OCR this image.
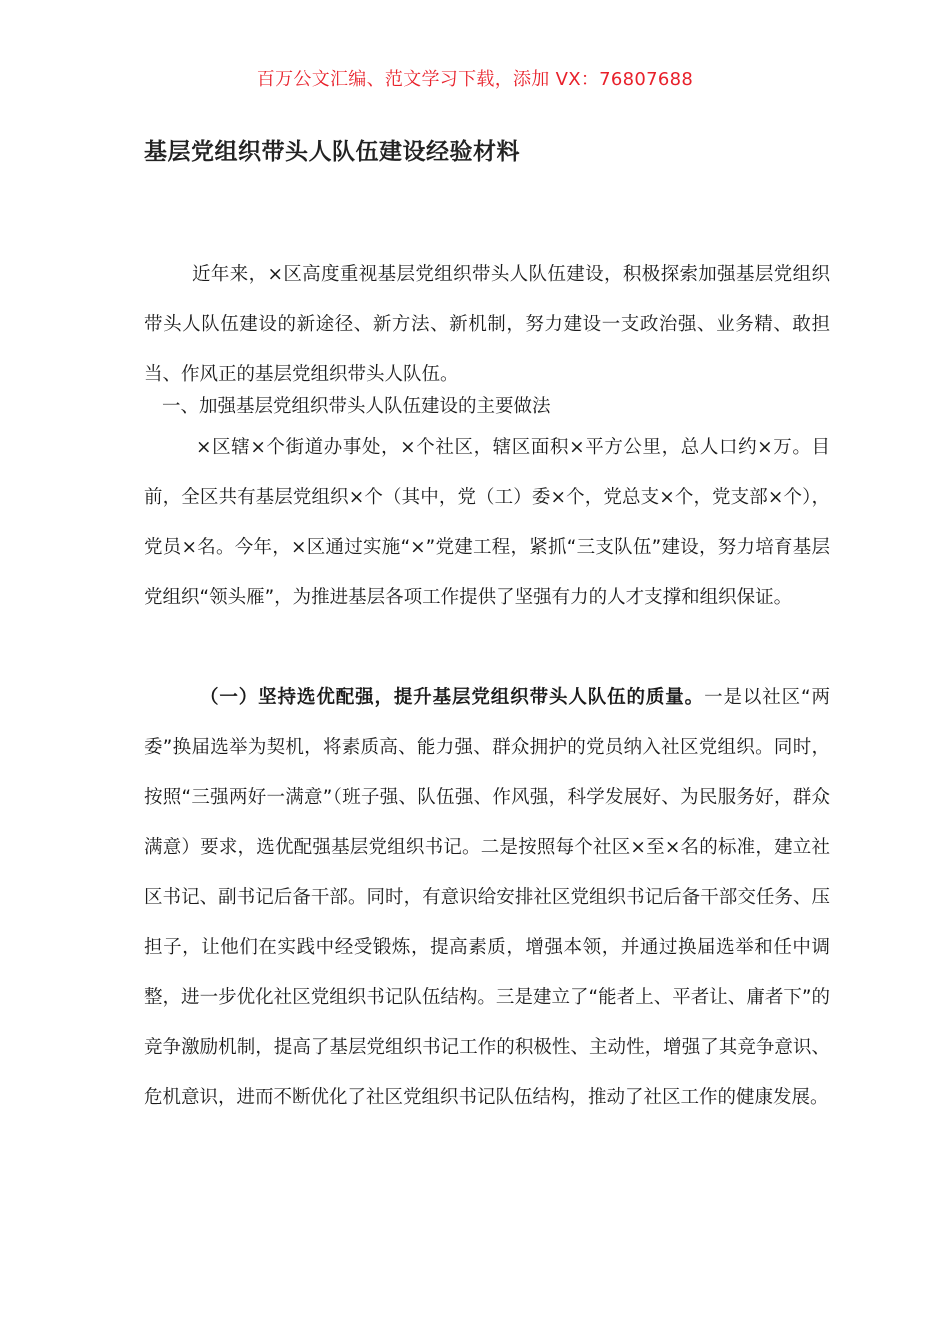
百万公文汇编、范文学习下载，添加 VX：76807688
基层党组织带头人队伍建设经验材料

近年来，×区高度重视基层党组织带头人队伍建设，积极探索加强基层党组织带头人队伍建设的新途径、新方法、新机制，努力建设一支政治强、业务精、敢担当、作风正的基层党组织带头人队伍。

一、加强基层党组织带头人队伍建设的主要做法

×区辖×个街道办事处，×个社区，辖区面积×平方公里，总人口约×万。目前，全区共有基层党组织×个（其中，党（工）委×个，党总支×个，党支部×个），党员×名。今年，×区通过实施“×”党建工程，紧抓“三支队伍”建设，努力培育基层党组织“领头雁”，为推进基层各项工作提供了坚强有力的人才支撑和组织保证。

（一）坚持选优配强，提升基层党组织带头人队伍的质量。一是以社区“两委”换届选举为契机，将素质高、能力强、群众拥护的党员纳入社区党组织。同时，按照“三强两好一满意”（班子强、队伍强、作风强，科学发展好、为民服务好，群众满意）要求，选优配强基层党组织书记。二是按照每个社区×至×名的标准，建立社区书记、副书记后备干部。同时，有意识给安排社区党组织书记后备干部交任务、压担子，让他们在实践中经受锻炼，提高素质，增强本领，并通过换届选举和任中调整，进一步优化社区党组织书记队伍结构。三是建立了“能者上、平者让、庸者下”的竞争激励机制，提高了基层党组织书记工作的积极性、主动性，增强了其竞争意识、危机意识，进而不断优化了社区党组织书记队伍结构，推动了社区工作的健康发展。
